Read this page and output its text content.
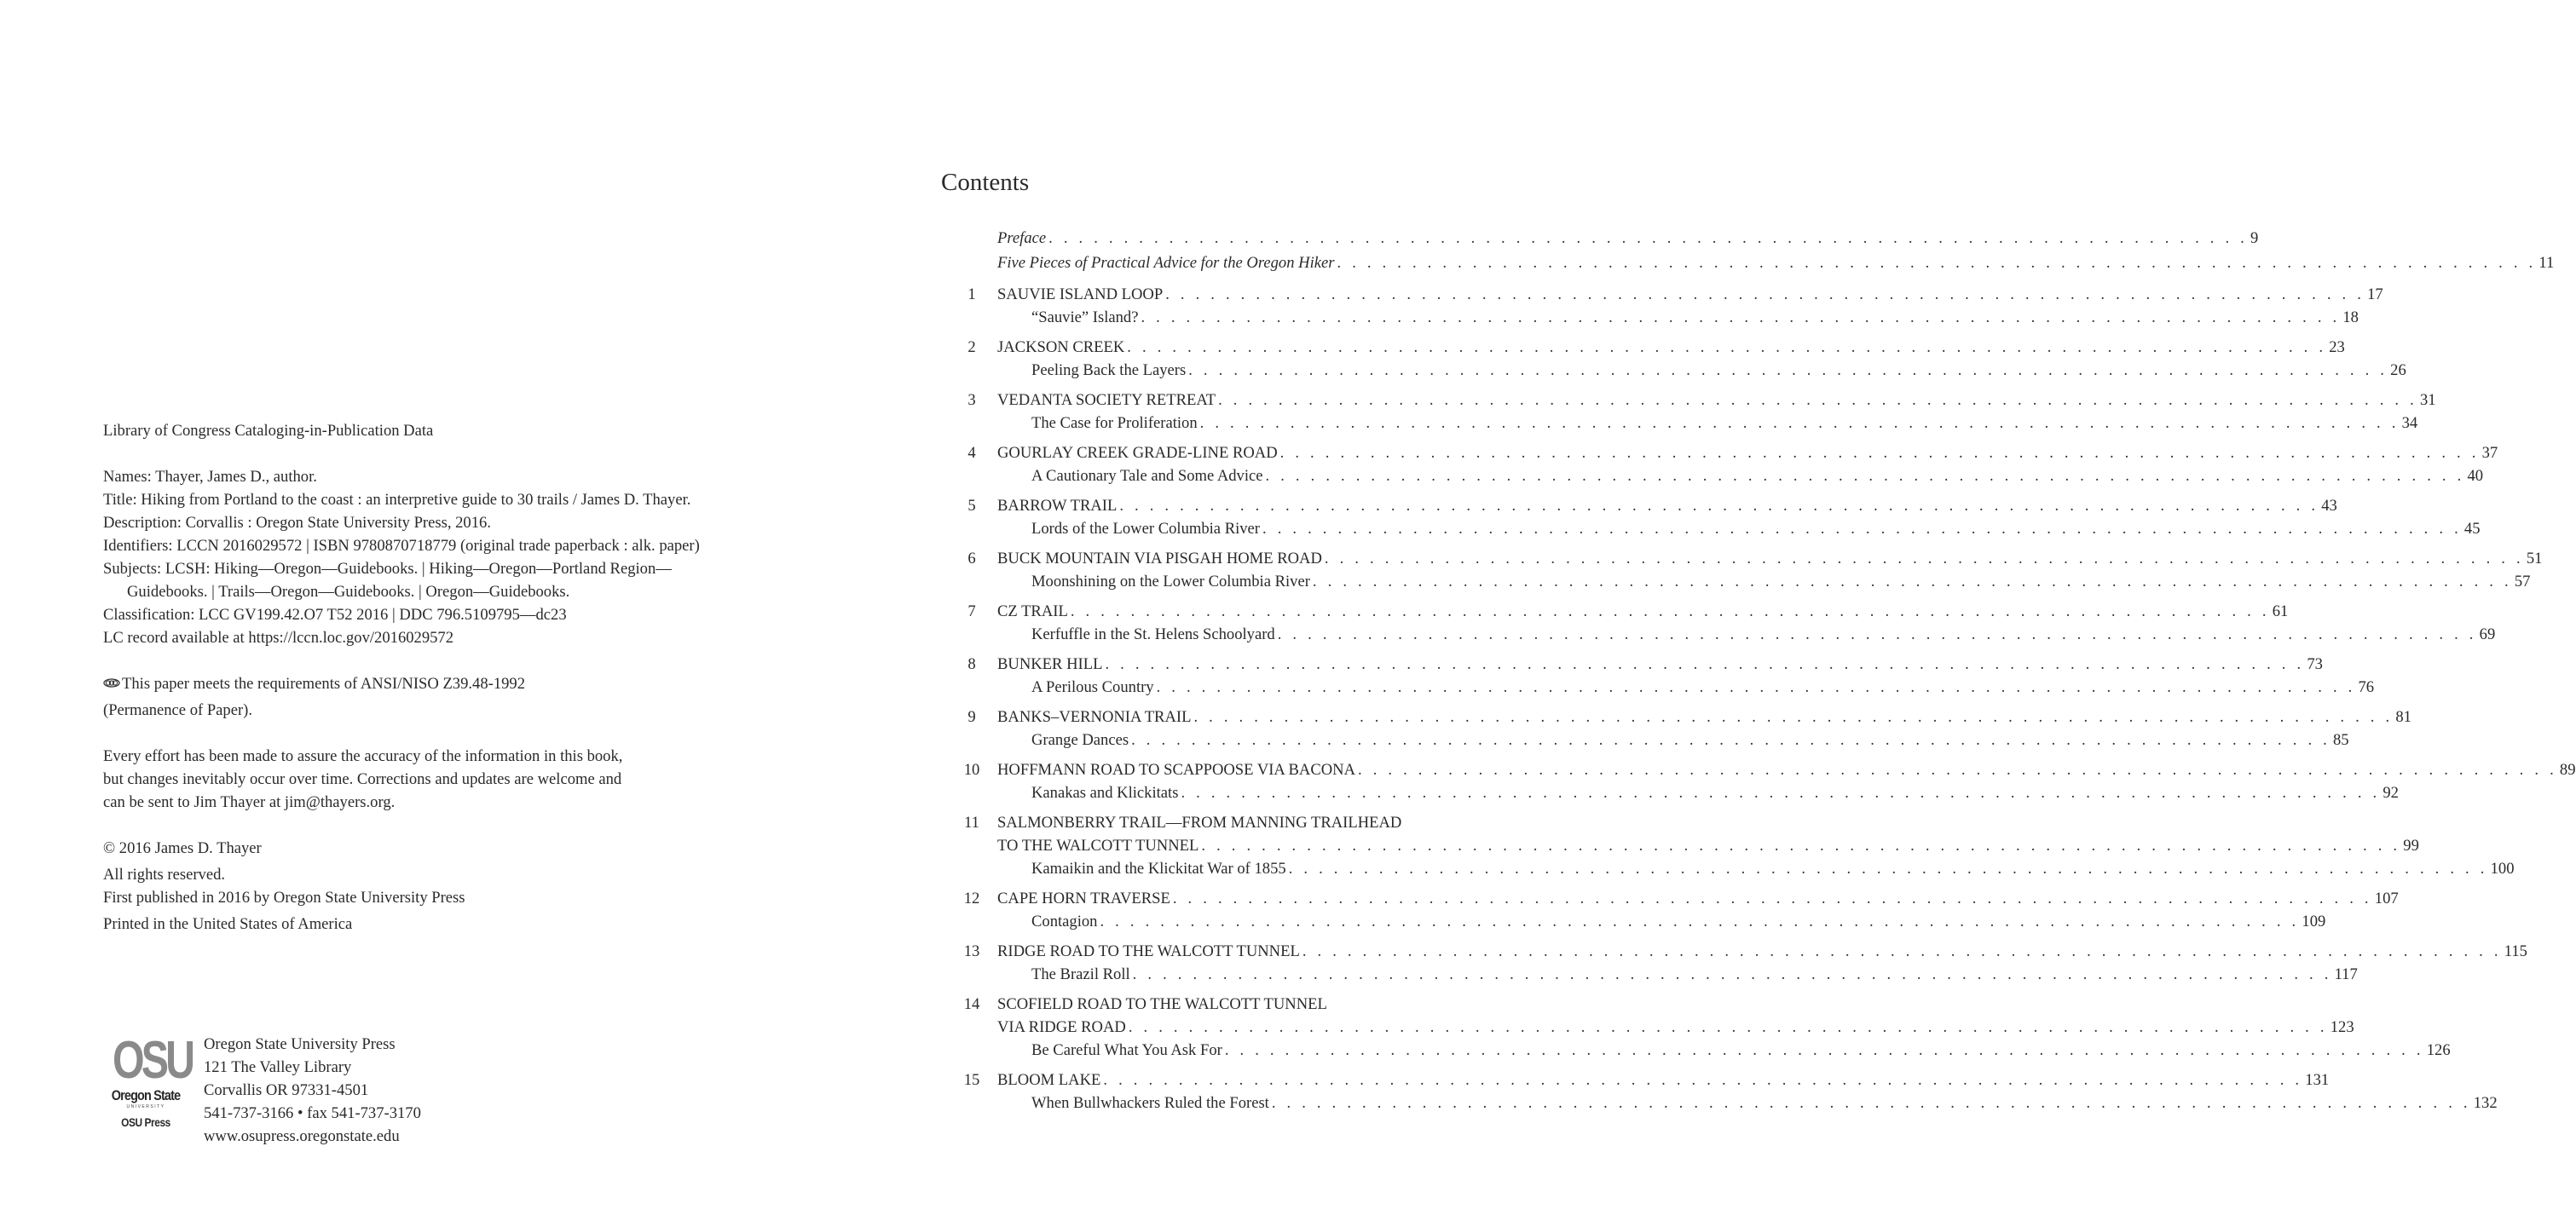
Library of Congress Cataloging-in-Publication Data

Names: Thayer, James D., author.

Title: Hiking from Portland to the coast : an interpretive guide to 30 trails / James D. Thayer.

Description: Corvallis : Oregon State University Press, 2016.

Identifiers: LCCN 2016029572 | ISBN 9780870718779 (original trade paperback : alk. paper)

Subjects: LCSH: Hiking—Oregon—Guidebooks. | Hiking—Oregon—Portland Region—Guidebooks. | Trails—Oregon—Guidebooks. | Oregon—Guidebooks.

Classification: LCC GV199.42.O7 T52 2016 | DDC 796.5109795—dc23

LC record available at https://lccn.loc.gov/2016029572

This paper meets the requirements of ANSI/NISO Z39.48-1992

(Permanence of Paper).

Every effort has been made to assure the accuracy of the information in this book,

but changes inevitably occur over time. Corrections and updates are welcome and

can be sent to Jim Thayer at jim@thayers.org.

© 2016 James D. Thayer

All rights reserved.

First published in 2016 by Oregon State University Press

Printed in the United States of America

OSU
Oregon State
UNIVERSITY
OSU Press

Oregon State University Press

121 The Valley Library

Corvallis OR 97331-4501

541-737-3166 • fax 541-737-3170

www.osupress.oregonstate.edu

Contents
Preface . . . . . . . . . . . . . . . . . . . . . . . . . . . . . . . . . . . . . . . . . . . . . . . . . . . . . . . . . . . . . . . . . . . . . . . . . . . . . . . . 9
Five Pieces of Practical Advice for the Oregon Hiker . . . . . . . . . . . . . . . . . . . . . . . . . . . . . . . . . . . . . . . . . . . . . . . . . . . . . . . . . . . . . . . . . . . . . . . . . . . . . . . . 11
1	SAUVIE ISLAND LOOP . . . . . . . . . . . . . . . . . . . . . . . . . . . . . . . . . . . . . . . . . . . . . . . . . . . . . . . . . . . . . . . . . . . . . . . . . . . . . . . . 17
“Sauvie” Island? . . . . . . . . . . . . . . . . . . . . . . . . . . . . . . . . . . . . . . . . . . . . . . . . . . . . . . . . . . . . . . . . . . . . . . . . . . . . . . . . 18
2	JACKSON CREEK . . . . . . . . . . . . . . . . . . . . . . . . . . . . . . . . . . . . . . . . . . . . . . . . . . . . . . . . . . . . . . . . . . . . . . . . . . . . . . . . 23
Peeling Back the Layers . . . . . . . . . . . . . . . . . . . . . . . . . . . . . . . . . . . . . . . . . . . . . . . . . . . . . . . . . . . . . . . . . . . . . . . . . . . . . . . . 26
3	VEDANTA SOCIETY RETREAT . . . . . . . . . . . . . . . . . . . . . . . . . . . . . . . . . . . . . . . . . . . . . . . . . . . . . . . . . . . . . . . . . . . . . . . . . . . . . . . . 31
The Case for Proliferation . . . . . . . . . . . . . . . . . . . . . . . . . . . . . . . . . . . . . . . . . . . . . . . . . . . . . . . . . . . . . . . . . . . . . . . . . . . . . . . . 34
4	GOURLAY CREEK GRADE-LINE ROAD . . . . . . . . . . . . . . . . . . . . . . . . . . . . . . . . . . . . . . . . . . . . . . . . . . . . . . . . . . . . . . . . . . . . . . . . . . . . . . . . 37
A Cautionary Tale and Some Advice . . . . . . . . . . . . . . . . . . . . . . . . . . . . . . . . . . . . . . . . . . . . . . . . . . . . . . . . . . . . . . . . . . . . . . . . . . . . . . . . 40
5	BARROW TRAIL . . . . . . . . . . . . . . . . . . . . . . . . . . . . . . . . . . . . . . . . . . . . . . . . . . . . . . . . . . . . . . . . . . . . . . . . . . . . . . . . 43
Lords of the Lower Columbia River . . . . . . . . . . . . . . . . . . . . . . . . . . . . . . . . . . . . . . . . . . . . . . . . . . . . . . . . . . . . . . . . . . . . . . . . . . . . . . . . 45
6	BUCK MOUNTAIN VIA PISGAH HOME ROAD . . . . . . . . . . . . . . . . . . . . . . . . . . . . . . . . . . . . . . . . . . . . . . . . . . . . . . . . . . . . . . . . . . . . . . . . . . . . . . . . 51
Moonshining on the Lower Columbia River . . . . . . . . . . . . . . . . . . . . . . . . . . . . . . . . . . . . . . . . . . . . . . . . . . . . . . . . . . . . . . . . . . . . . . . . . . . . . . . . 57
7	CZ TRAIL . . . . . . . . . . . . . . . . . . . . . . . . . . . . . . . . . . . . . . . . . . . . . . . . . . . . . . . . . . . . . . . . . . . . . . . . . . . . . . . . 61
Kerfuffle in the St. Helens Schoolyard . . . . . . . . . . . . . . . . . . . . . . . . . . . . . . . . . . . . . . . . . . . . . . . . . . . . . . . . . . . . . . . . . . . . . . . . . . . . . . . . 69
8	BUNKER HILL . . . . . . . . . . . . . . . . . . . . . . . . . . . . . . . . . . . . . . . . . . . . . . . . . . . . . . . . . . . . . . . . . . . . . . . . . . . . . . . . 73
A Perilous Country . . . . . . . . . . . . . . . . . . . . . . . . . . . . . . . . . . . . . . . . . . . . . . . . . . . . . . . . . . . . . . . . . . . . . . . . . . . . . . . . 76
9	BANKS–VERNONIA TRAIL . . . . . . . . . . . . . . . . . . . . . . . . . . . . . . . . . . . . . . . . . . . . . . . . . . . . . . . . . . . . . . . . . . . . . . . . . . . . . . . . 81
Grange Dances . . . . . . . . . . . . . . . . . . . . . . . . . . . . . . . . . . . . . . . . . . . . . . . . . . . . . . . . . . . . . . . . . . . . . . . . . . . . . . . . 85
10	HOFFMANN ROAD TO SCAPPOOSE VIA BACONA . . . . . . . . . . . . . . . . . . . . . . . . . . . . . . . . . . . . . . . . . . . . . . . . . . . . . . . . . . . . . . . . . . . . . . . . . . . . . . . . 89
Kanakas and Klickitats . . . . . . . . . . . . . . . . . . . . . . . . . . . . . . . . . . . . . . . . . . . . . . . . . . . . . . . . . . . . . . . . . . . . . . . . . . . . . . . . 92
11	SALMONBERRY TRAIL—FROM MANNING TRAILHEAD
TO THE WALCOTT TUNNEL . . . . . . . . . . . . . . . . . . . . . . . . . . . . . . . . . . . . . . . . . . . . . . . . . . . . . . . . . . . . . . . . . . . . . . . . . . . . . . . . 99
Kamaikin and the Klickitat War of 1855 . . . . . . . . . . . . . . . . . . . . . . . . . . . . . . . . . . . . . . . . . . . . . . . . . . . . . . . . . . . . . . . . . . . . . . . . . . . . . . . . 100
12	CAPE HORN TRAVERSE . . . . . . . . . . . . . . . . . . . . . . . . . . . . . . . . . . . . . . . . . . . . . . . . . . . . . . . . . . . . . . . . . . . . . . . . . . . . . . . . 107
Contagion . . . . . . . . . . . . . . . . . . . . . . . . . . . . . . . . . . . . . . . . . . . . . . . . . . . . . . . . . . . . . . . . . . . . . . . . . . . . . . . . 109
13	RIDGE ROAD TO THE WALCOTT TUNNEL . . . . . . . . . . . . . . . . . . . . . . . . . . . . . . . . . . . . . . . . . . . . . . . . . . . . . . . . . . . . . . . . . . . . . . . . . . . . . . . . 115
The Brazil Roll . . . . . . . . . . . . . . . . . . . . . . . . . . . . . . . . . . . . . . . . . . . . . . . . . . . . . . . . . . . . . . . . . . . . . . . . . . . . . . . . 117
14	SCOFIELD ROAD TO THE WALCOTT TUNNEL
VIA RIDGE ROAD . . . . . . . . . . . . . . . . . . . . . . . . . . . . . . . . . . . . . . . . . . . . . . . . . . . . . . . . . . . . . . . . . . . . . . . . . . . . . . . . 123
Be Careful What You Ask For . . . . . . . . . . . . . . . . . . . . . . . . . . . . . . . . . . . . . . . . . . . . . . . . . . . . . . . . . . . . . . . . . . . . . . . . . . . . . . . . 126
15	BLOOM LAKE . . . . . . . . . . . . . . . . . . . . . . . . . . . . . . . . . . . . . . . . . . . . . . . . . . . . . . . . . . . . . . . . . . . . . . . . . . . . . . . . 131
When Bullwhackers Ruled the Forest . . . . . . . . . . . . . . . . . . . . . . . . . . . . . . . . . . . . . . . . . . . . . . . . . . . . . . . . . . . . . . . . . . . . . . . . . . . . . . . . 132
